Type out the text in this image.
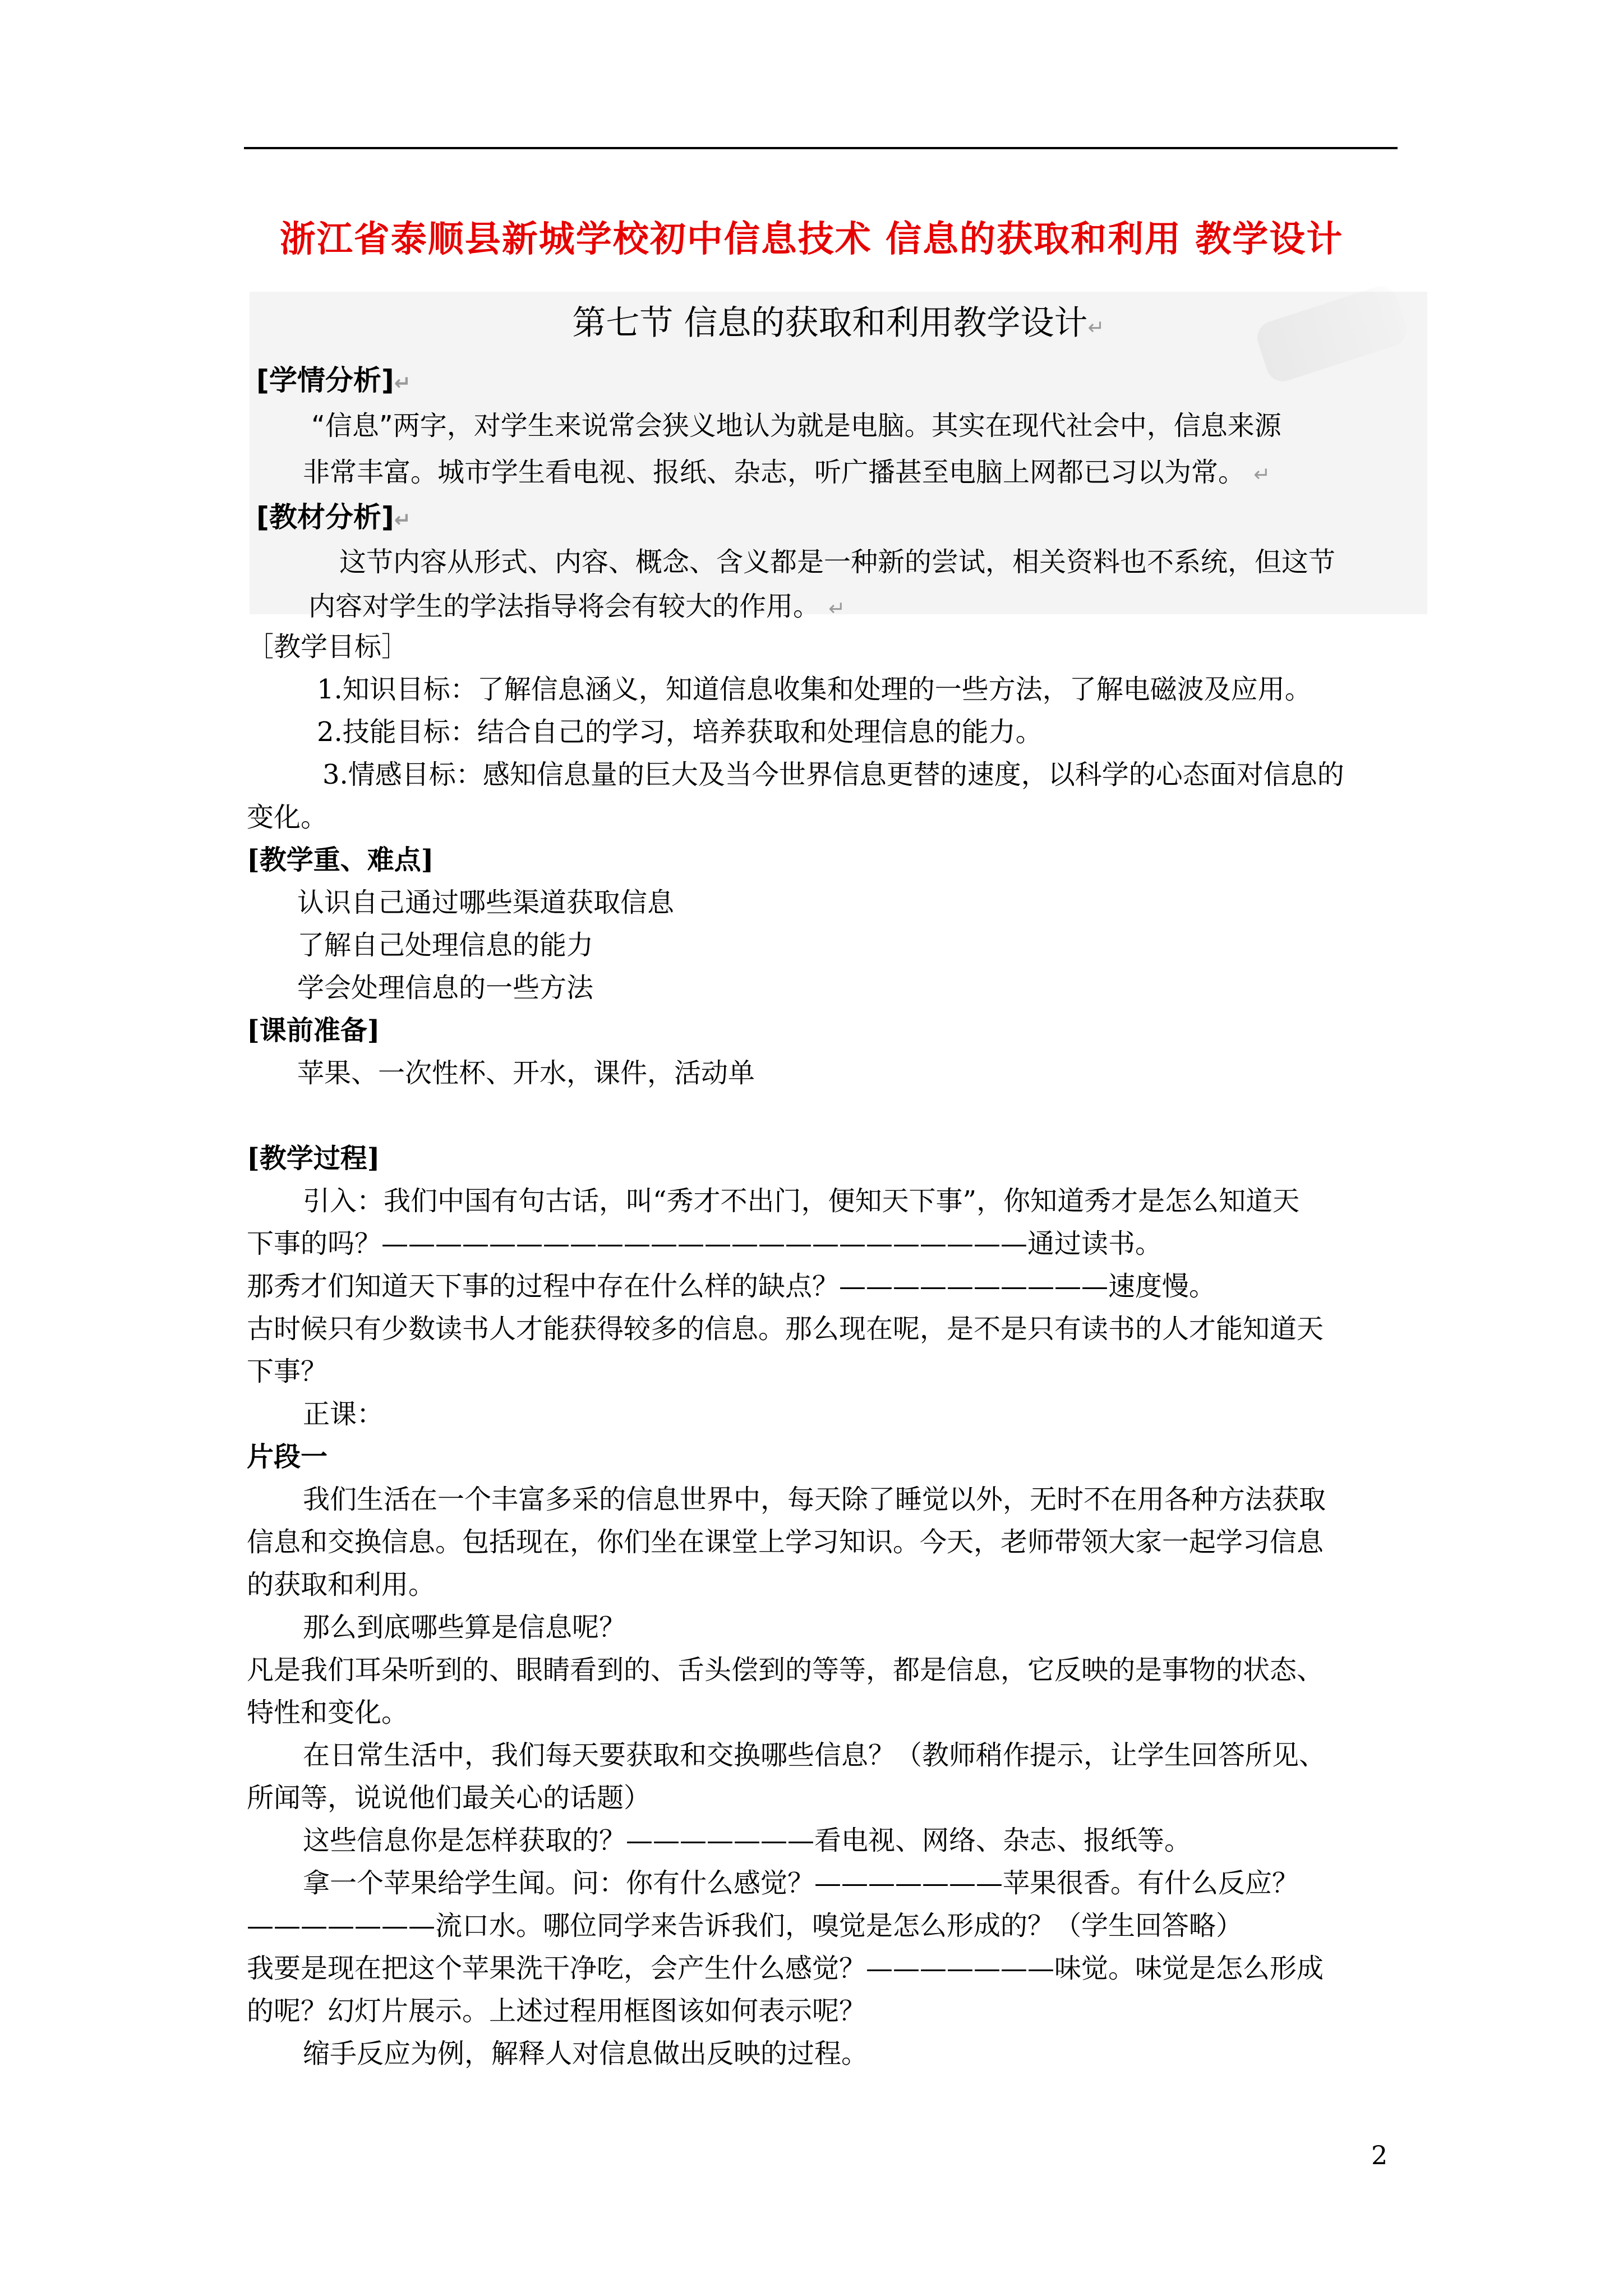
浙江省泰顺县新城学校初中信息技术 信息的获取和利用 教学设计
第七节 信息的获取和利用教学设计↵
[学情分析]↵
“信息”两字，对学生来说常会狭义地认为就是电脑。其实在现代社会中，信息来源
非常丰富。城市学生看电视、报纸、杂志，听广播甚至电脑上网都已习以为常。 ↵
[教材分析]↵
这节内容从形式、内容、概念、含义都是一种新的尝试，相关资料也不系统，但这节
内容对学生的学法指导将会有较大的作用。 ↵

［教学目标］

1.知识目标：了解信息涵义，知道信息收集和处理的一些方法，了解电磁波及应用。

2.技能目标：结合自己的学习，培养获取和处理信息的能力。

3.情感目标：感知信息量的巨大及当今世界信息更替的速度，以科学的心态面对信息的

变化。

[教学重、难点]

认识自己通过哪些渠道获取信息

了解自己处理信息的能力

学会处理信息的一些方法

[课前准备]

苹果、一次性杯、开水，课件，活动单

[教学过程]

引入：我们中国有句古话，叫“秀才不出门，便知天下事”，你知道秀才是怎么知道天

下事的吗？————————————————————————通过读书。

那秀才们知道天下事的过程中存在什么样的缺点？——————————速度慢。

古时候只有少数读书人才能获得较多的信息。那么现在呢，是不是只有读书的人才能知道天

下事？

正课：

片段一

我们生活在一个丰富多采的信息世界中，每天除了睡觉以外，无时不在用各种方法获取

信息和交换信息。包括现在，你们坐在课堂上学习知识。今天，老师带领大家一起学习信息

的获取和利用。

那么到底哪些算是信息呢？

凡是我们耳朵听到的、眼睛看到的、舌头偿到的等等，都是信息，它反映的是事物的状态、

特性和变化。

在日常生活中，我们每天要获取和交换哪些信息？（教师稍作提示，让学生回答所见、

所闻等，说说他们最关心的话题）

这些信息你是怎样获取的？———————看电视、网络、杂志、报纸等。

拿一个苹果给学生闻。问：你有什么感觉？———————苹果很香。有什么反应？

———————流口水。哪位同学来告诉我们，嗅觉是怎么形成的？（学生回答略）

我要是现在把这个苹果洗干净吃，会产生什么感觉？———————味觉。味觉是怎么形成

的呢？幻灯片展示。上述过程用框图该如何表示呢？

缩手反应为例，解释人对信息做出反映的过程。

2
